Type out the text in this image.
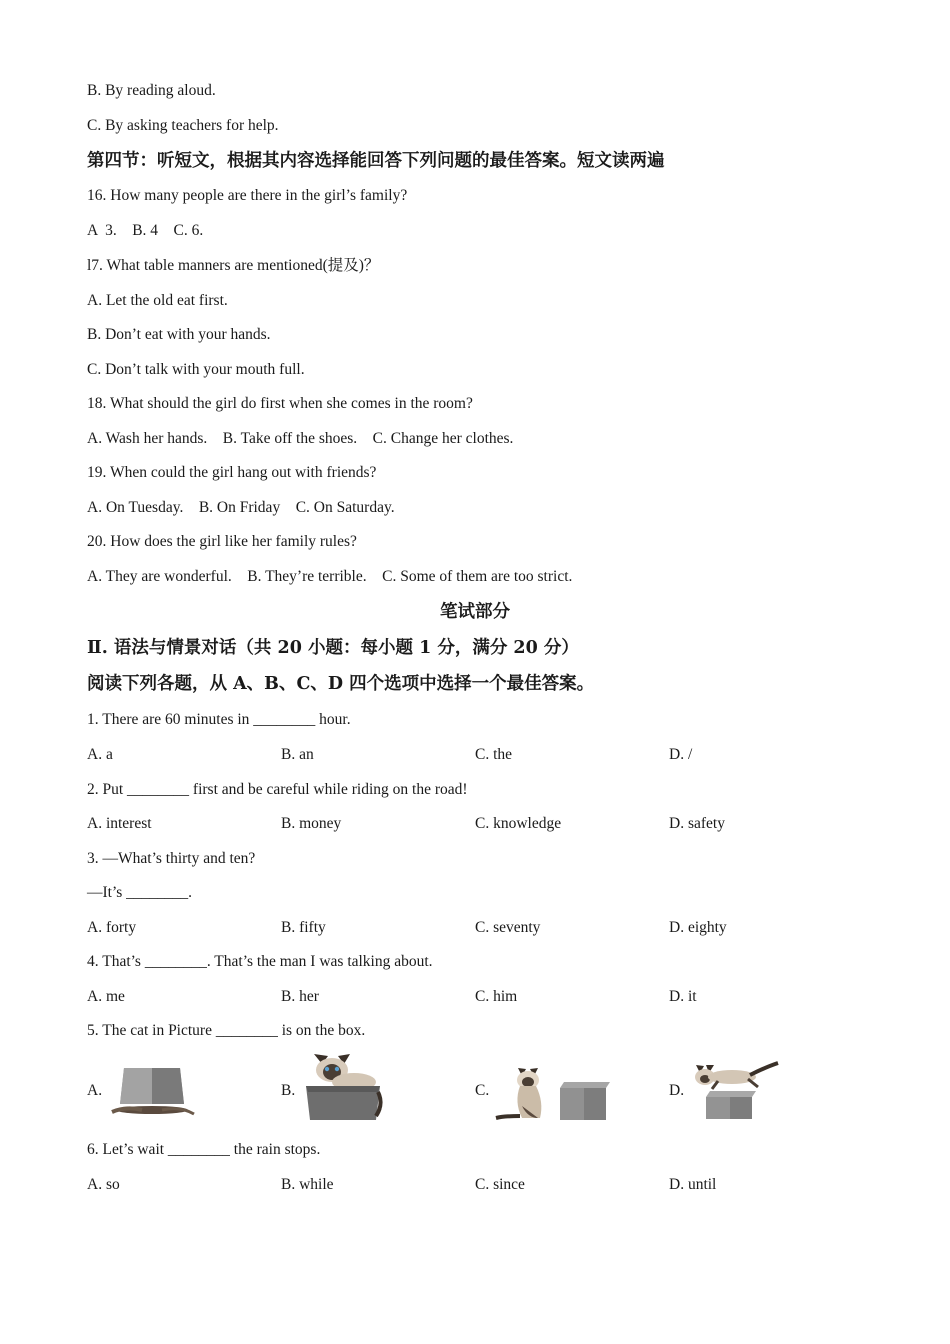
B. By reading aloud.
C. By asking teachers for help.
第四节：听短文，根据其内容选择能回答下列问题的最佳答案。短文读两遍
16. How many people are there in the girl’s family?
A  3.    B. 4    C. 6.
l7. What table manners are mentioned(提及)？
A. Let the old eat first.
B. Don’t eat with your hands.
C. Don’t talk with your mouth full.
18. What should the girl do first when she comes in the room?
A. Wash her hands.    B. Take off the shoes.    C. Change her clothes.
19. When could the girl hang out with friends?
A. On Tuesday.    B. On Friday    C. On Saturday.
20. How does the girl like her family rules?
A. They are wonderful.    B. They’re terrible.    C. Some of them are too strict.
笔试部分
Ⅱ. 语法与情景对话（共 20 小题：每小题 1 分，满分 20 分）
阅读下列各题，从 A、B、C、D 四个选项中选择一个最佳答案。
1. There are 60 minutes in ________ hour.
A. a	B. an	C. the	D. /
2. Put ________ first and be careful while riding on the road!
A. interest	B. money	C. knowledge	D. safety
3. —What’s thirty and ten?
—It’s ________.
A. forty	B. fifty	C. seventy	D. eighty
4. That’s ________. That’s the man I was talking about.
A. me	B. her	C. him	D. it
5. The cat in Picture ________ is on the box.
A.	B.	C.	D.
6. Let’s wait ________ the rain stops.
A. so	B. while	C. since	D. until
